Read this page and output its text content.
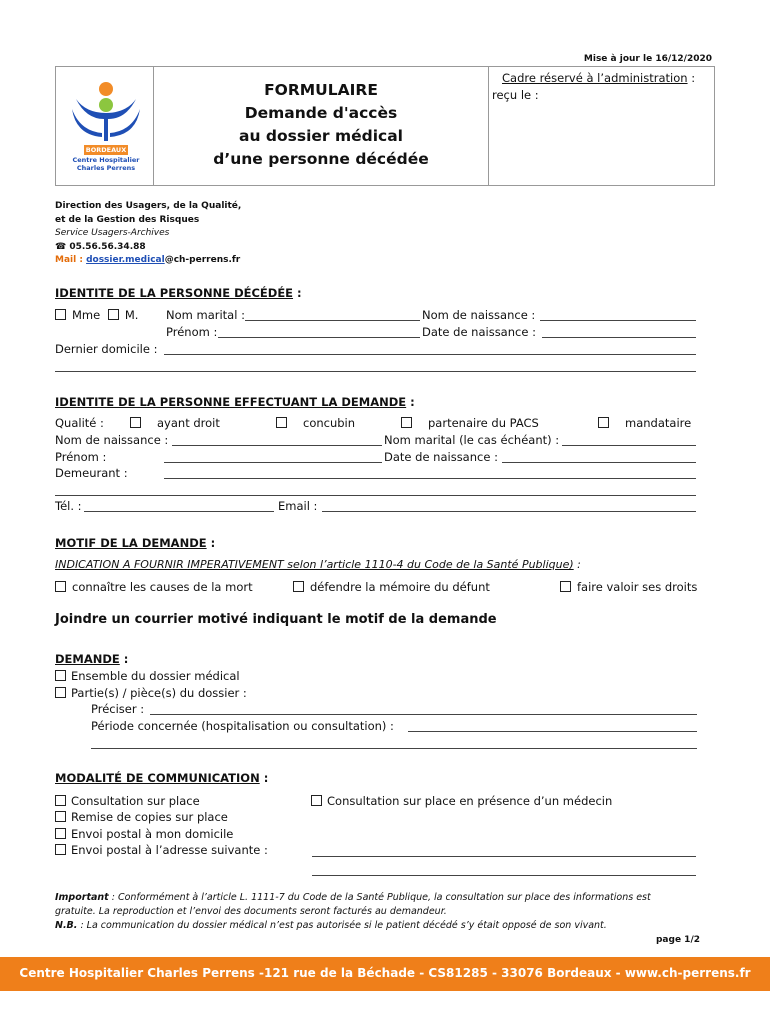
Mise à jour le 16/12/2020
BORDEAUX
Centre Hospitalier
Charles Perrens
FORMULAIRE
Demande d'accès
au dossier médical
d’une personne décédée
Cadre réservé à l’administration :
reçu le :
Direction des Usagers, de la Qualité,
et de la Gestion des Risques
Service Usagers-Archives
☎ 05.56.56.34.88
Mail : dossier.medical@ch-perrens.fr
IDENTITE DE LA PERSONNE DÉCÉDÉE :
Mme M. Nom marital :	Nom de naissance :
Prénom :	Date de naissance :
Dernier domicile :
IDENTITE DE LA PERSONNE EFFECTUANT LA DEMANDE :
Qualité :	ayant droit	concubin	partenaire du PACS	mandataire
Nom de naissance :	Nom marital (le cas échéant) :
Prénom :	Date de naissance :
Demeurant :
Tél. :	Email :
MOTIF DE LA DEMANDE :
INDICATION A FOURNIR IMPERATIVEMENT selon l’article 1110-4 du Code de la Santé Publique) :
connaître les causes de la mort	défendre la mémoire du défunt	faire valoir ses droits
Joindre un courrier motivé indiquant le motif de la demande
DEMANDE :
Ensemble du dossier médical
Partie(s) / pièce(s) du dossier :
Préciser :
Période concernée (hospitalisation ou consultation) :
MODALITÉ DE COMMUNICATION :
Consultation sur place
Remise de copies sur place
Envoi postal à mon domicile
Envoi postal à l’adresse suivante :
Consultation sur place en présence d’un médecin
Important : Conformément à l’article L. 1111-7 du Code de la Santé Publique, la consultation sur place des informations est
gratuite. La reproduction et l’envoi des documents seront facturés au demandeur.
N.B. : La communication du dossier médical n’est pas autorisée si le patient décédé s’y était opposé de son vivant.
page 1/2
Centre Hospitalier Charles Perrens -121 rue de la Béchade - CS81285 - 33076 Bordeaux - www.ch-perrens.fr
